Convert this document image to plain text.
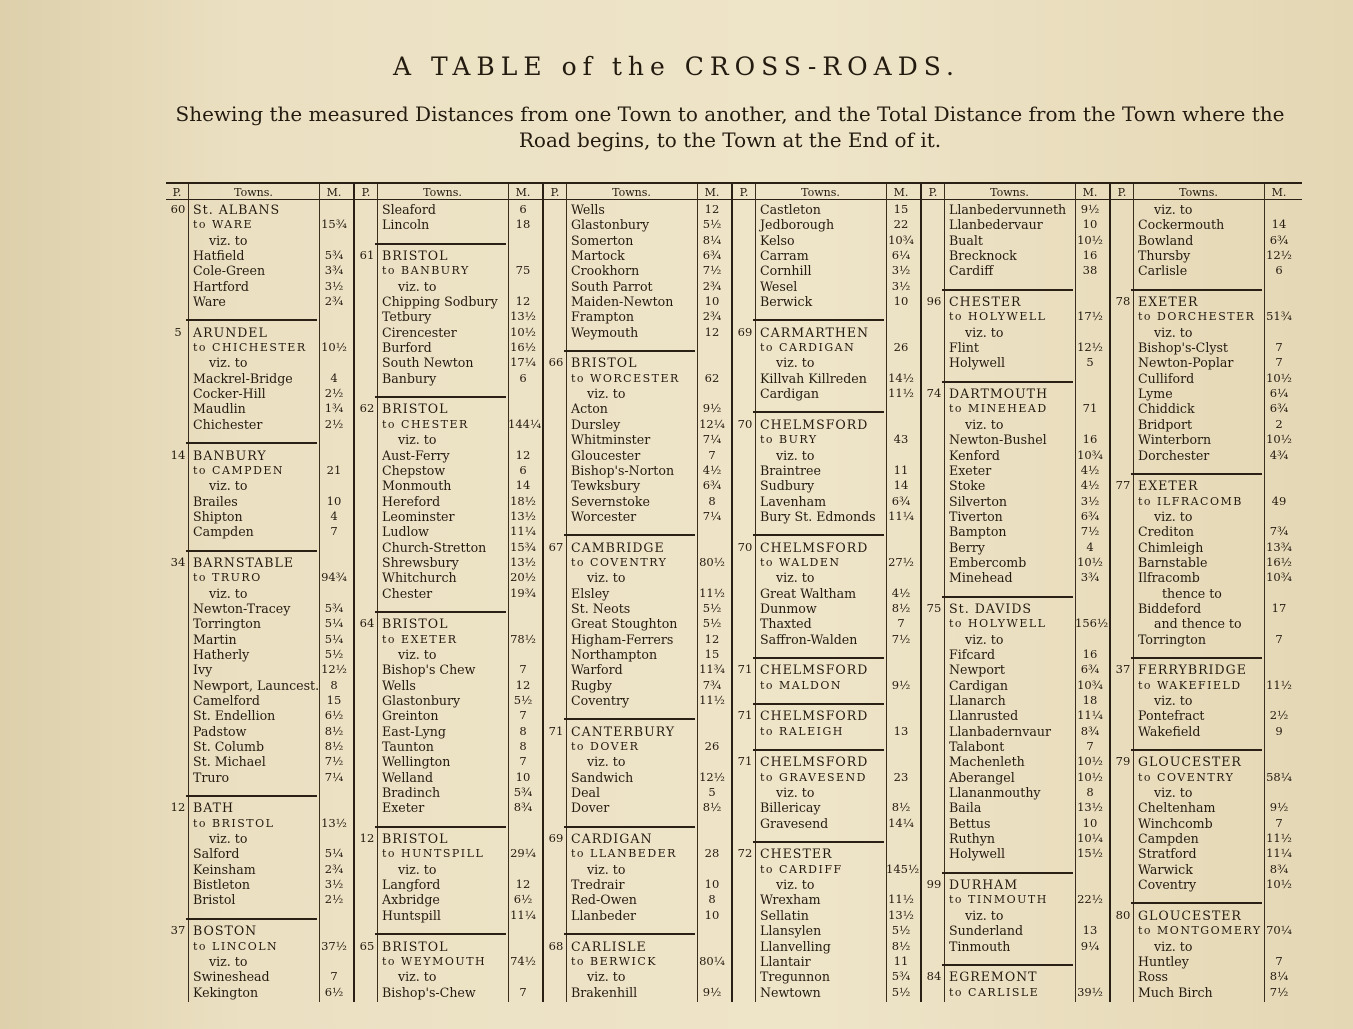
A TABLE of the CROSS-ROADS.
Shewing the measured Distances from one Town to another, and the Total Distance from the Town where the
Road begins, to the Town at the End of it.
P.	Towns.	M.
60 St. ALBANS
to WARE	15¾
viz. to
Hatfield	5¾
Cole-Green	3¾
Hartford	3½
Ware	2¾
5 ARUNDEL
to CHICHESTER 10½
viz. to
Mackrel-Bridge	4
Cocker-Hill	2½
Maudlin	1¾
Chichester	2½
14 BANBURY
to CAMPDEN	21
viz. to
Brailes	10
Shipton	4
Campden	7
34 BARNSTABLE
to TRURO	94¾
viz. to
Newton-Tracey	5¾
Torrington	5¼
Martin	5¼
Hatherly	5½
Ivy	12½
Newport, Launcest. 8
Camelford	15
St. Endellion	6½
Padstow	8½
St. Columb	8½
St. Michael	7½
Truro	7¼
12 BATH
to BRISTOL	13½
viz. to
Salford	5¼
Keinsham	2¾
Bistleton	3½
Bristol	2½
37 BOSTON
to LINCOLN	37½
viz. to
Swineshead	7
Kekington	6½
P.	Towns.	M.
Sleaford	6
Lincoln	18
61 BRISTOL
to BANBURY	75
viz. to
Chipping Sodbury	12
Tetbury	13½
Cirencester	10½
Burford	16½
South Newton	17¼
Banbury	6
62 BRISTOL
to CHESTER	144¼
viz. to
Aust-Ferry	12
Chepstow	6
Monmouth	14
Hereford	18½
Leominster	13½
Ludlow	11¼
Church-Stretton 15¾
Shrewsbury	13½
Whitchurch	20½
Chester	19¾
64 BRISTOL
to EXETER	78½
viz. to
Bishop's Chew	7
Wells	12
Glastonbury	5½
Greinton	7
East-Lyng	8
Taunton	8
Wellington	7
Welland	10
Bradinch	5¾
Exeter	8¾
12 BRISTOL
to HUNTSPILL 29¼
viz. to
Langford	12
Axbridge	6½
Huntspill	11¼
65 BRISTOL
to WEYMOUTH 74½
viz. to
Bishop's-Chew	7
P.	Towns.	M.
Wells	12
Glastonbury	5½
Somerton	8¼
Martock	6¾
Crookhorn	7½
South Parrot	2¾
Maiden-Newton	10
Frampton	2¾
Weymouth	12
66 BRISTOL
to WORCESTER	62
viz. to
Acton	9½
Dursley	12¼
Whitminster	7¼
Gloucester	7
Bishop's-Norton	4½
Tewksbury	6¾
Severnstoke	8
Worcester	7¼
67 CAMBRIDGE
to COVENTRY	80½
viz. to
Elsley	11½
St. Neots	5½
Great Stoughton	5½
Higham-Ferrers	12
Northampton	15
Warford	11¾
Rugby	7¾
Coventry	11½
71 CANTERBURY
to DOVER	26
viz. to
Sandwich	12½
Deal	5
Dover	8½
69 CARDIGAN
to LLANBEDER	28
viz. to
Tredrair	10
Red-Owen	8
Llanbeder	10
68 CARLISLE
to BERWICK	80¼
viz. to
Brakenhill	9½
P.	Towns.	M.
Castleton	15
Jedborough	22
Kelso	10¾
Carram	6¼
Cornhill	3½
Wesel	3½
Berwick	10
69 CARMARTHEN
to CARDIGAN	26
viz. to
Killvah Killreden 14½
Cardigan	11½
70 CHELMSFORD
to BURY	43
viz. to
Braintree	11
Sudbury	14
Lavenham	6¾
Bury St. Edmonds 11¼
70 CHELMSFORD
to WALDEN	27½
viz. to
Great Waltham	4½
Dunmow	8½
Thaxted	7
Saffron-Walden	7½
71 CHELMSFORD
to MALDON	9½
71 CHELMSFORD
to RALEIGH	13
71 CHELMSFORD
to GRAVESEND	23
viz. to
Billericay	8½
Gravesend	14¼
72 CHESTER
to CARDIFF	145½
viz. to
Wrexham	11½
Sellatin	13½
Llansylen	5½
Llanvelling	8½
Llantair	11
Tregunnon	5¾
Newtown	5½
P.	Towns.	M.
Llanbedervunneth	9½
Llanbedervaur	10
Bualt	10½
Brecknock	16
Cardiff	38
96 CHESTER
to HOLYWELL	17½
viz. to
Flint	12½
Holywell	5
74 DARTMOUTH
to MINEHEAD	71
viz. to
Newton-Bushel	16
Kenford	10¾
Exeter	4½
Stoke	4½
Silverton	3½
Tiverton	6¾
Bampton	7½
Berry	4
Embercomb	10½
Minehead	3¾
75 St. DAVIDS
to HOLYWELL 156½
viz. to
Fifcard	16
Newport	6¾
Cardigan	10¾
Llanarch	18
Llanrusted	11¼
Llanbadernvaur	8¾
Talabont	7
Machenleth	10½
Aberangel	10½
Llananmouthy	8
Baila	13½
Bettus	10
Ruthyn	10¼
Holywell	15½
99 DURHAM
to TINMOUTH	22½
viz. to
Sunderland	13
Tinmouth	9¼
84 EGREMONT
to CARLISLE	39½
P.	Towns.	M.
viz. to
Cockermouth	14
Bowland	6¾
Thursby	12½
Carlisle	6
78 EXETER
to DORCHESTER 51¾
viz. to
Bishop's-Clyst	7
Newton-Poplar	7
Culliford	10½
Lyme	6¼
Chiddick	6¾
Bridport	2
Winterborn	10½
Dorchester	4¾
77 EXETER
to ILFRACOMB	49
viz. to
Crediton	7¾
Chimleigh	13¾
Barnstable	16½
Ilfracomb	10¾
thence to
Biddeford	17
and thence to
Torrington	7
37 FERRYBRIDGE
to WAKEFIELD 11½
viz. to
Pontefract	2½
Wakefield	9
79 GLOUCESTER
to COVENTRY	58¼
viz. to
Cheltenham	9½
Winchcomb	7
Campden	11½
Stratford	11¼
Warwick	8¾
Coventry	10½
80 GLOUCESTER
to MONTGOMERY 70¼
viz. to
Huntley	7
Ross	8¼
Much Birch	7½
